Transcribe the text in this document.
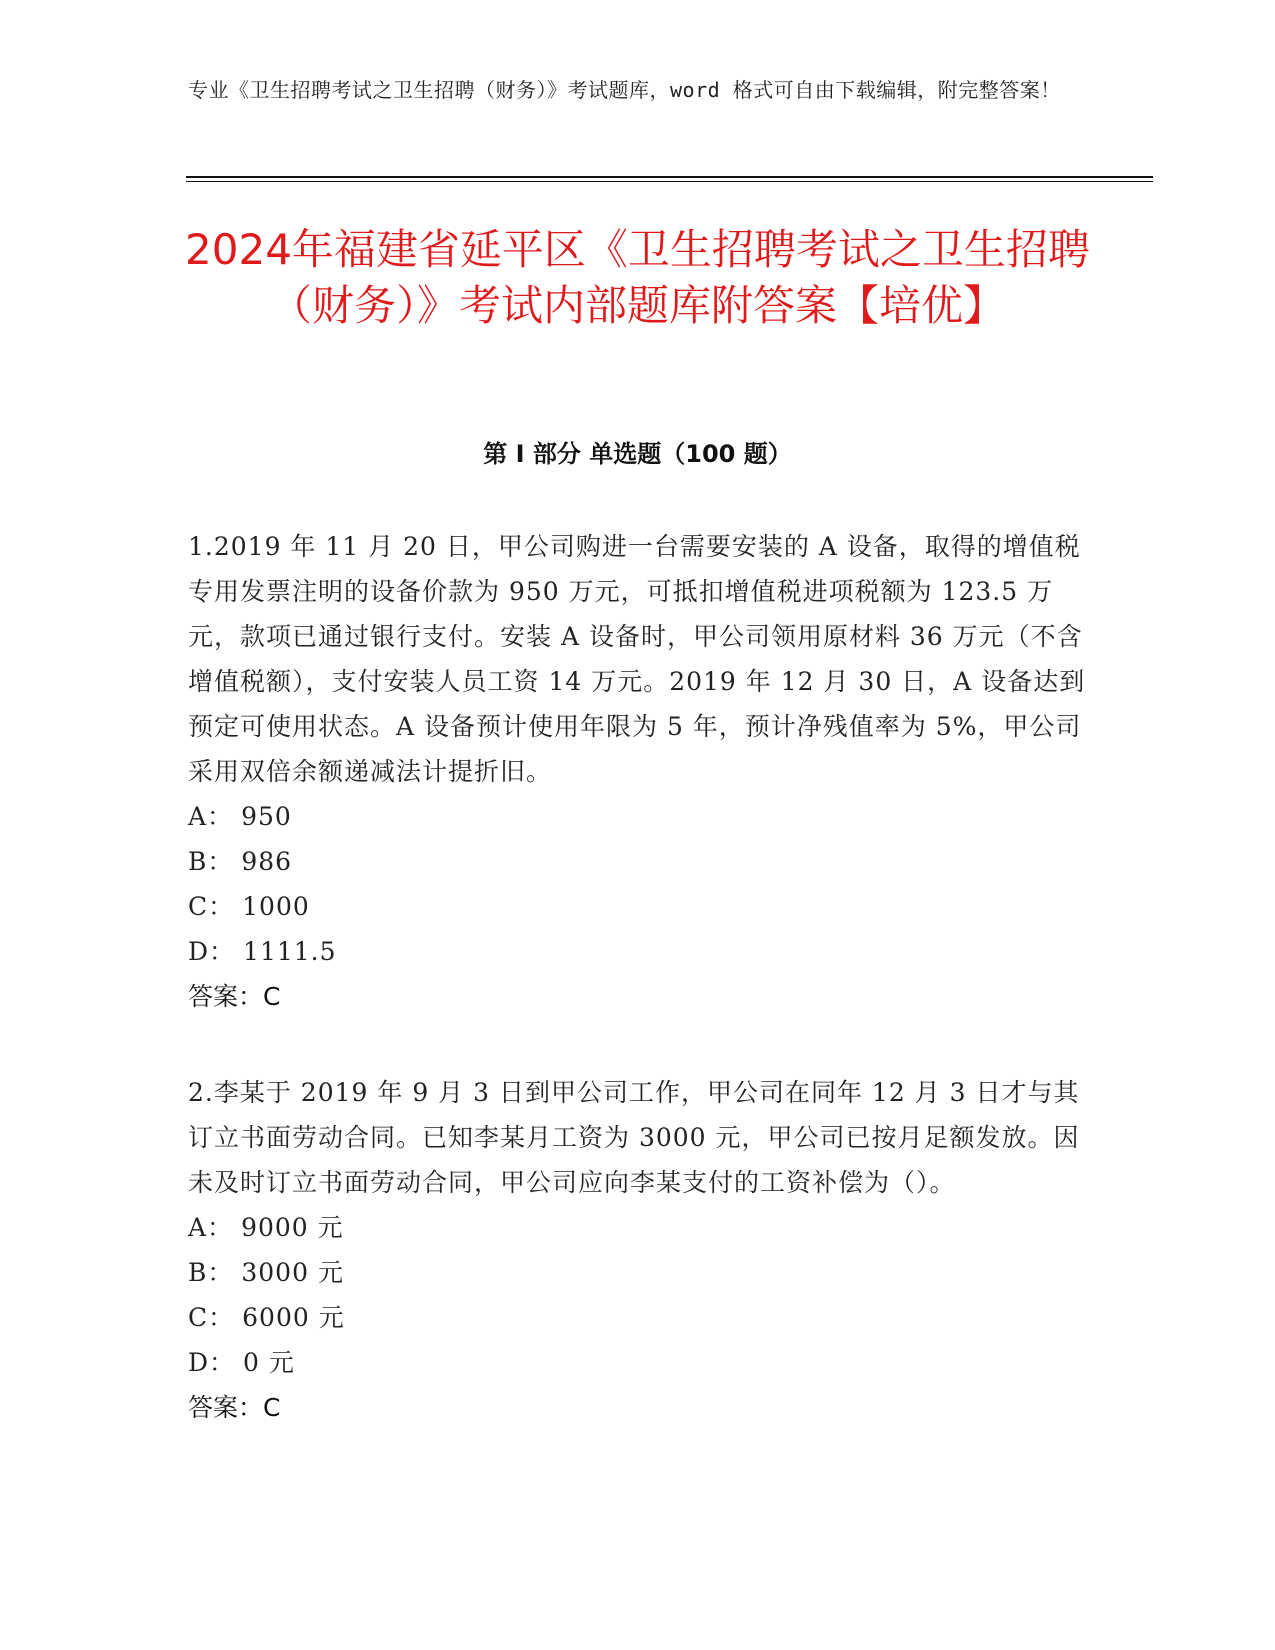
专业《卫生招聘考试之卫生招聘（财务）》考试题库，word 格式可自由下载编辑，附完整答案！
2024年福建省延平区《卫生招聘考试之卫生招聘（财务）》考试内部题库附答案【培优】
第 I 部分 单选题（100 题）

1.2019 年 11 月 20 日，甲公司购进一台需要安装的 A 设备，取得的增值税专用发票注明的设备价款为 950 万元，可抵扣增值税进项税额为 123.5 万元，款项已通过银行支付。安装 A 设备时，甲公司领用原材料 36 万元（不含增值税额），支付安装人员工资 14 万元。2019 年 12 月 30 日，A 设备达到预定可使用状态。A 设备预计使用年限为 5 年，预计净残值率为 5%，甲公司采用双倍余额递减法计提折旧。

A： 950
B： 986
C： 1000
D： 1111.5

答案：C

2.李某于 2019 年 9 月 3 日到甲公司工作，甲公司在同年 12 月 3 日才与其订立书面劳动合同。已知李某月工资为 3000 元，甲公司已按月足额发放。因未及时订立书面劳动合同，甲公司应向李某支付的工资补偿为（）。

A： 9000 元
B： 3000 元
C： 6000 元
D： 0 元

答案：C
